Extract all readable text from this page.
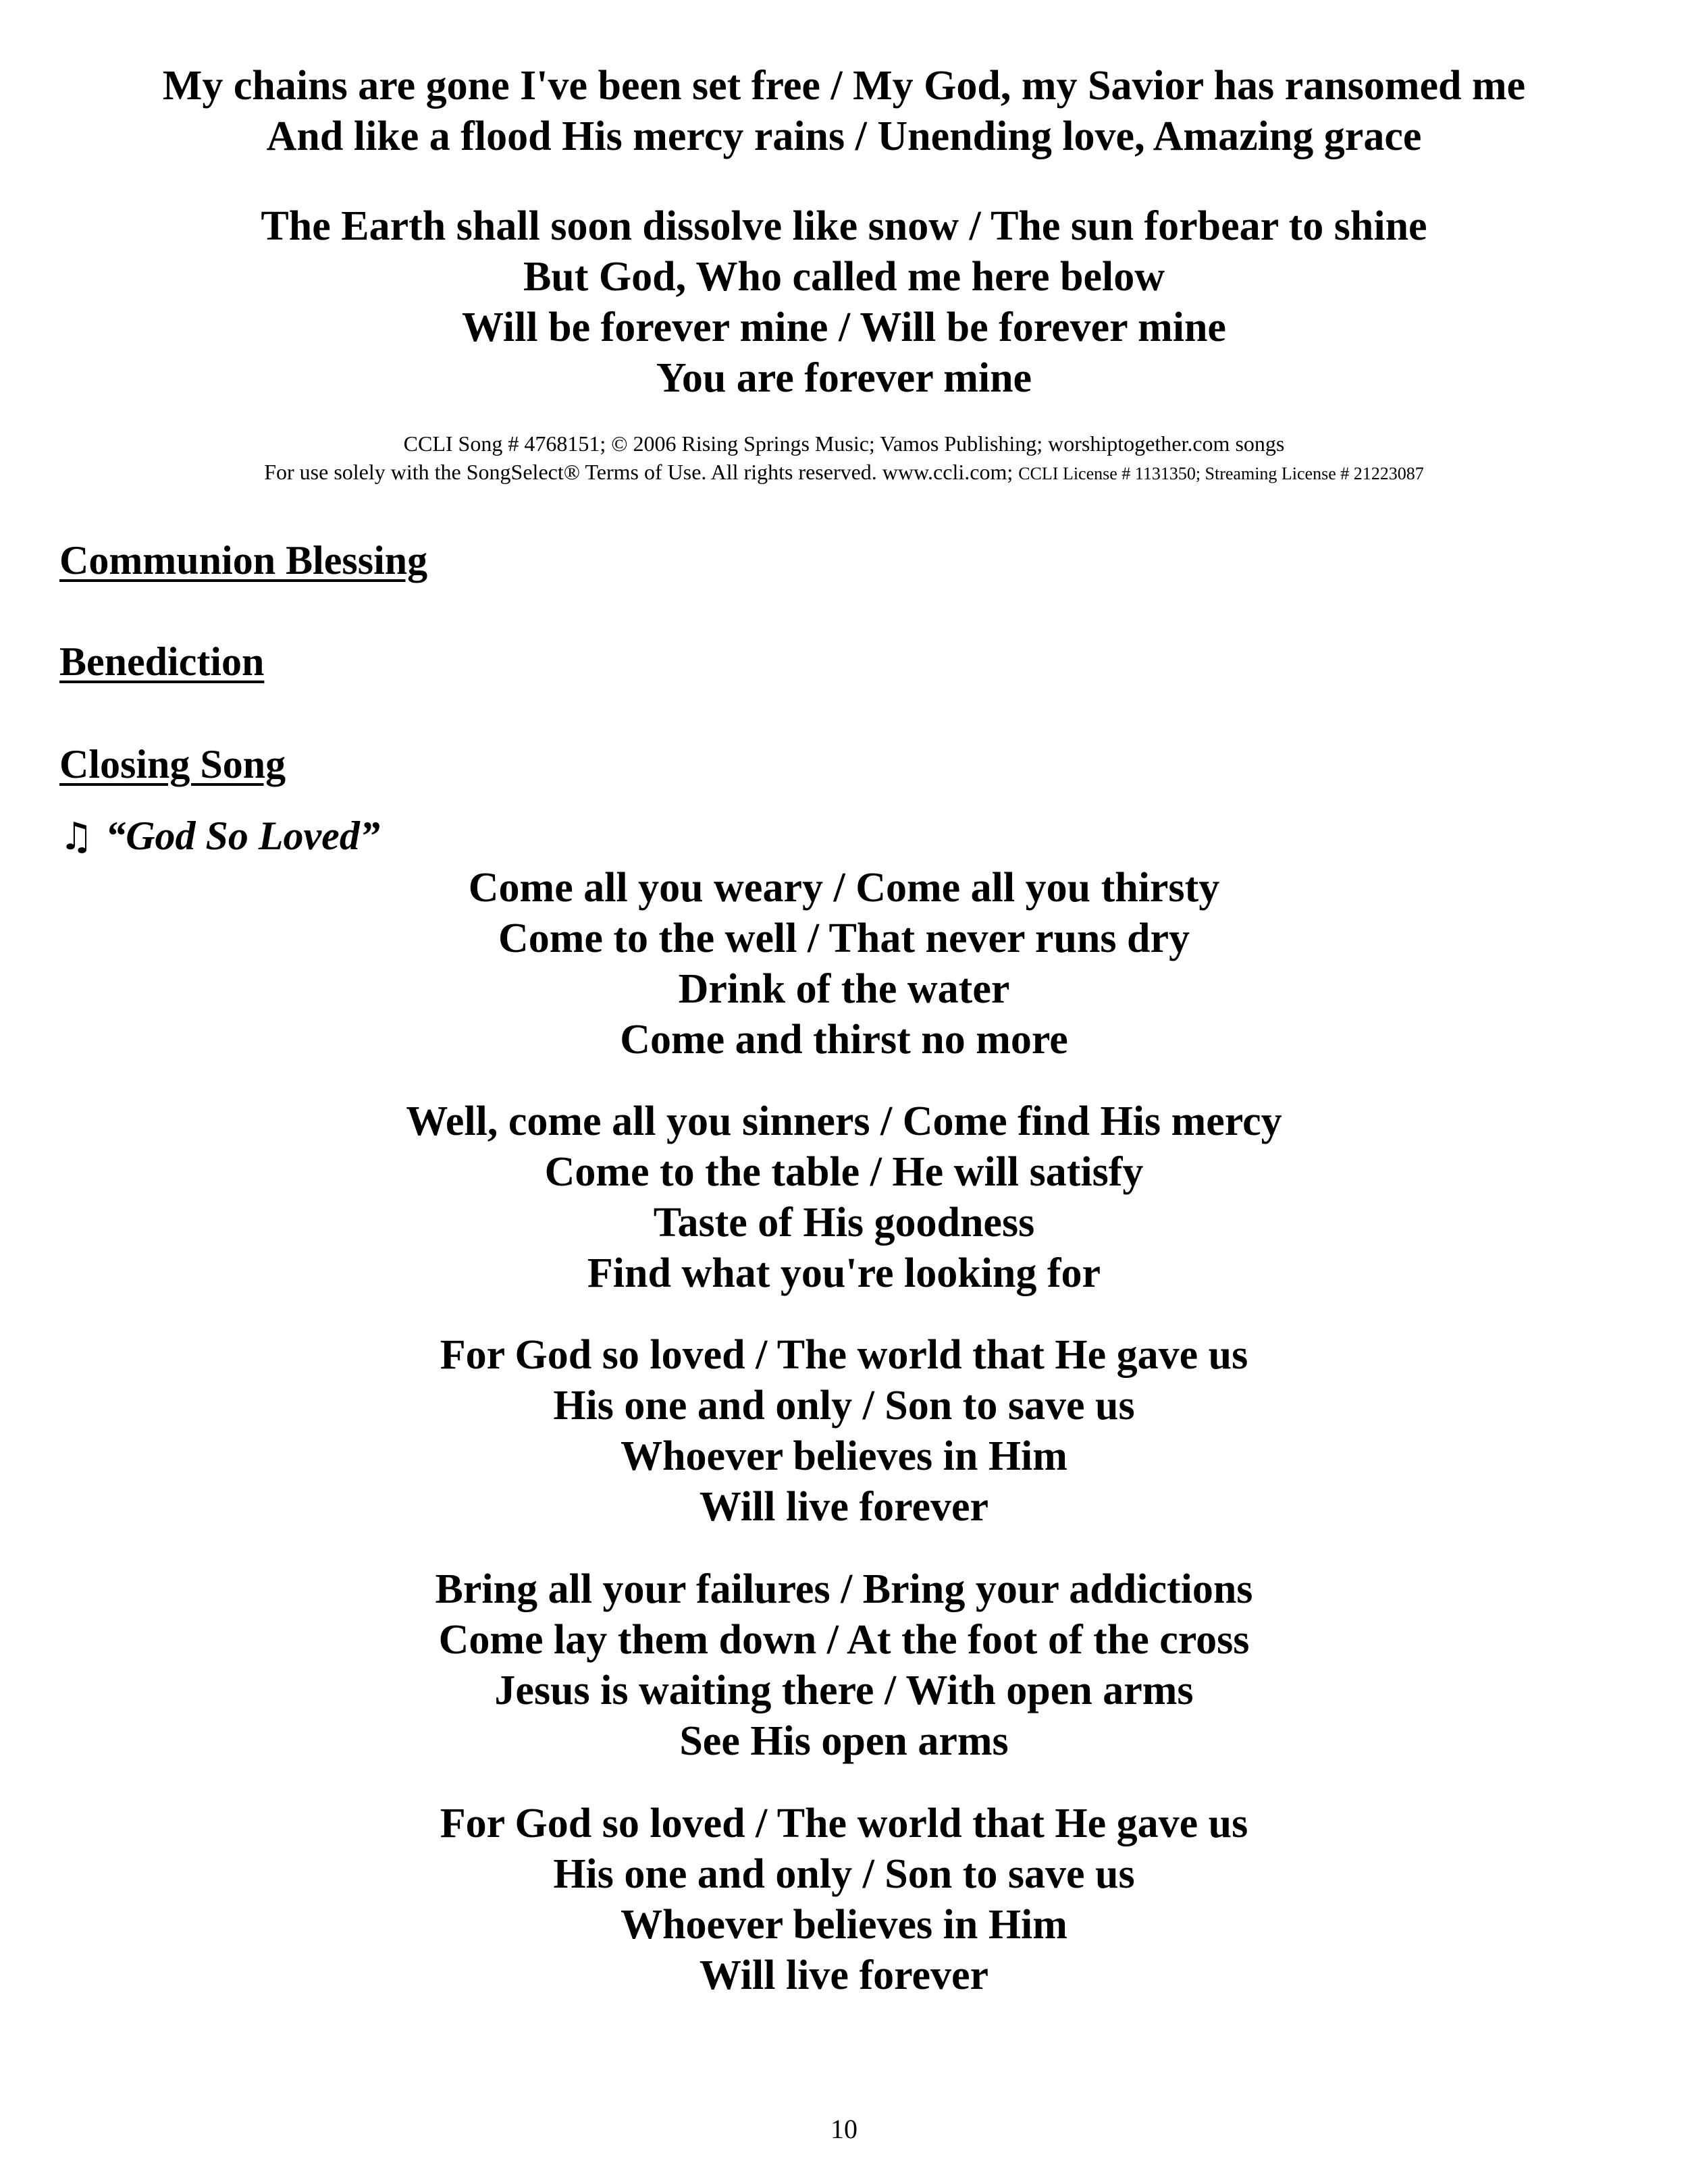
My chains are gone I've been set free / My God, my Savior has ransomed me
And like a flood His mercy rains / Unending love, Amazing grace
The Earth shall soon dissolve like snow / The sun forbear to shine
But God, Who called me here below
Will be forever mine / Will be forever mine
You are forever mine
CCLI Song # 4768151; © 2006 Rising Springs Music; Vamos Publishing; worshiptogether.com songs
For use solely with the SongSelect® Terms of Use. All rights reserved. www.ccli.com; CCLI License # 1131350; Streaming License # 21223087
Communion Blessing
Benediction
Closing Song
♫ “God So Loved”
Come all you weary / Come all you thirsty
Come to the well / That never runs dry
Drink of the water
Come and thirst no more
Well, come all you sinners / Come find His mercy
Come to the table / He will satisfy
Taste of His goodness
Find what you're looking for
For God so loved / The world that He gave us
His one and only / Son to save us
Whoever believes in Him
Will live forever
Bring all your failures / Bring your addictions
Come lay them down / At the foot of the cross
Jesus is waiting there / With open arms
See His open arms
For God so loved / The world that He gave us
His one and only / Son to save us
Whoever believes in Him
Will live forever
10
